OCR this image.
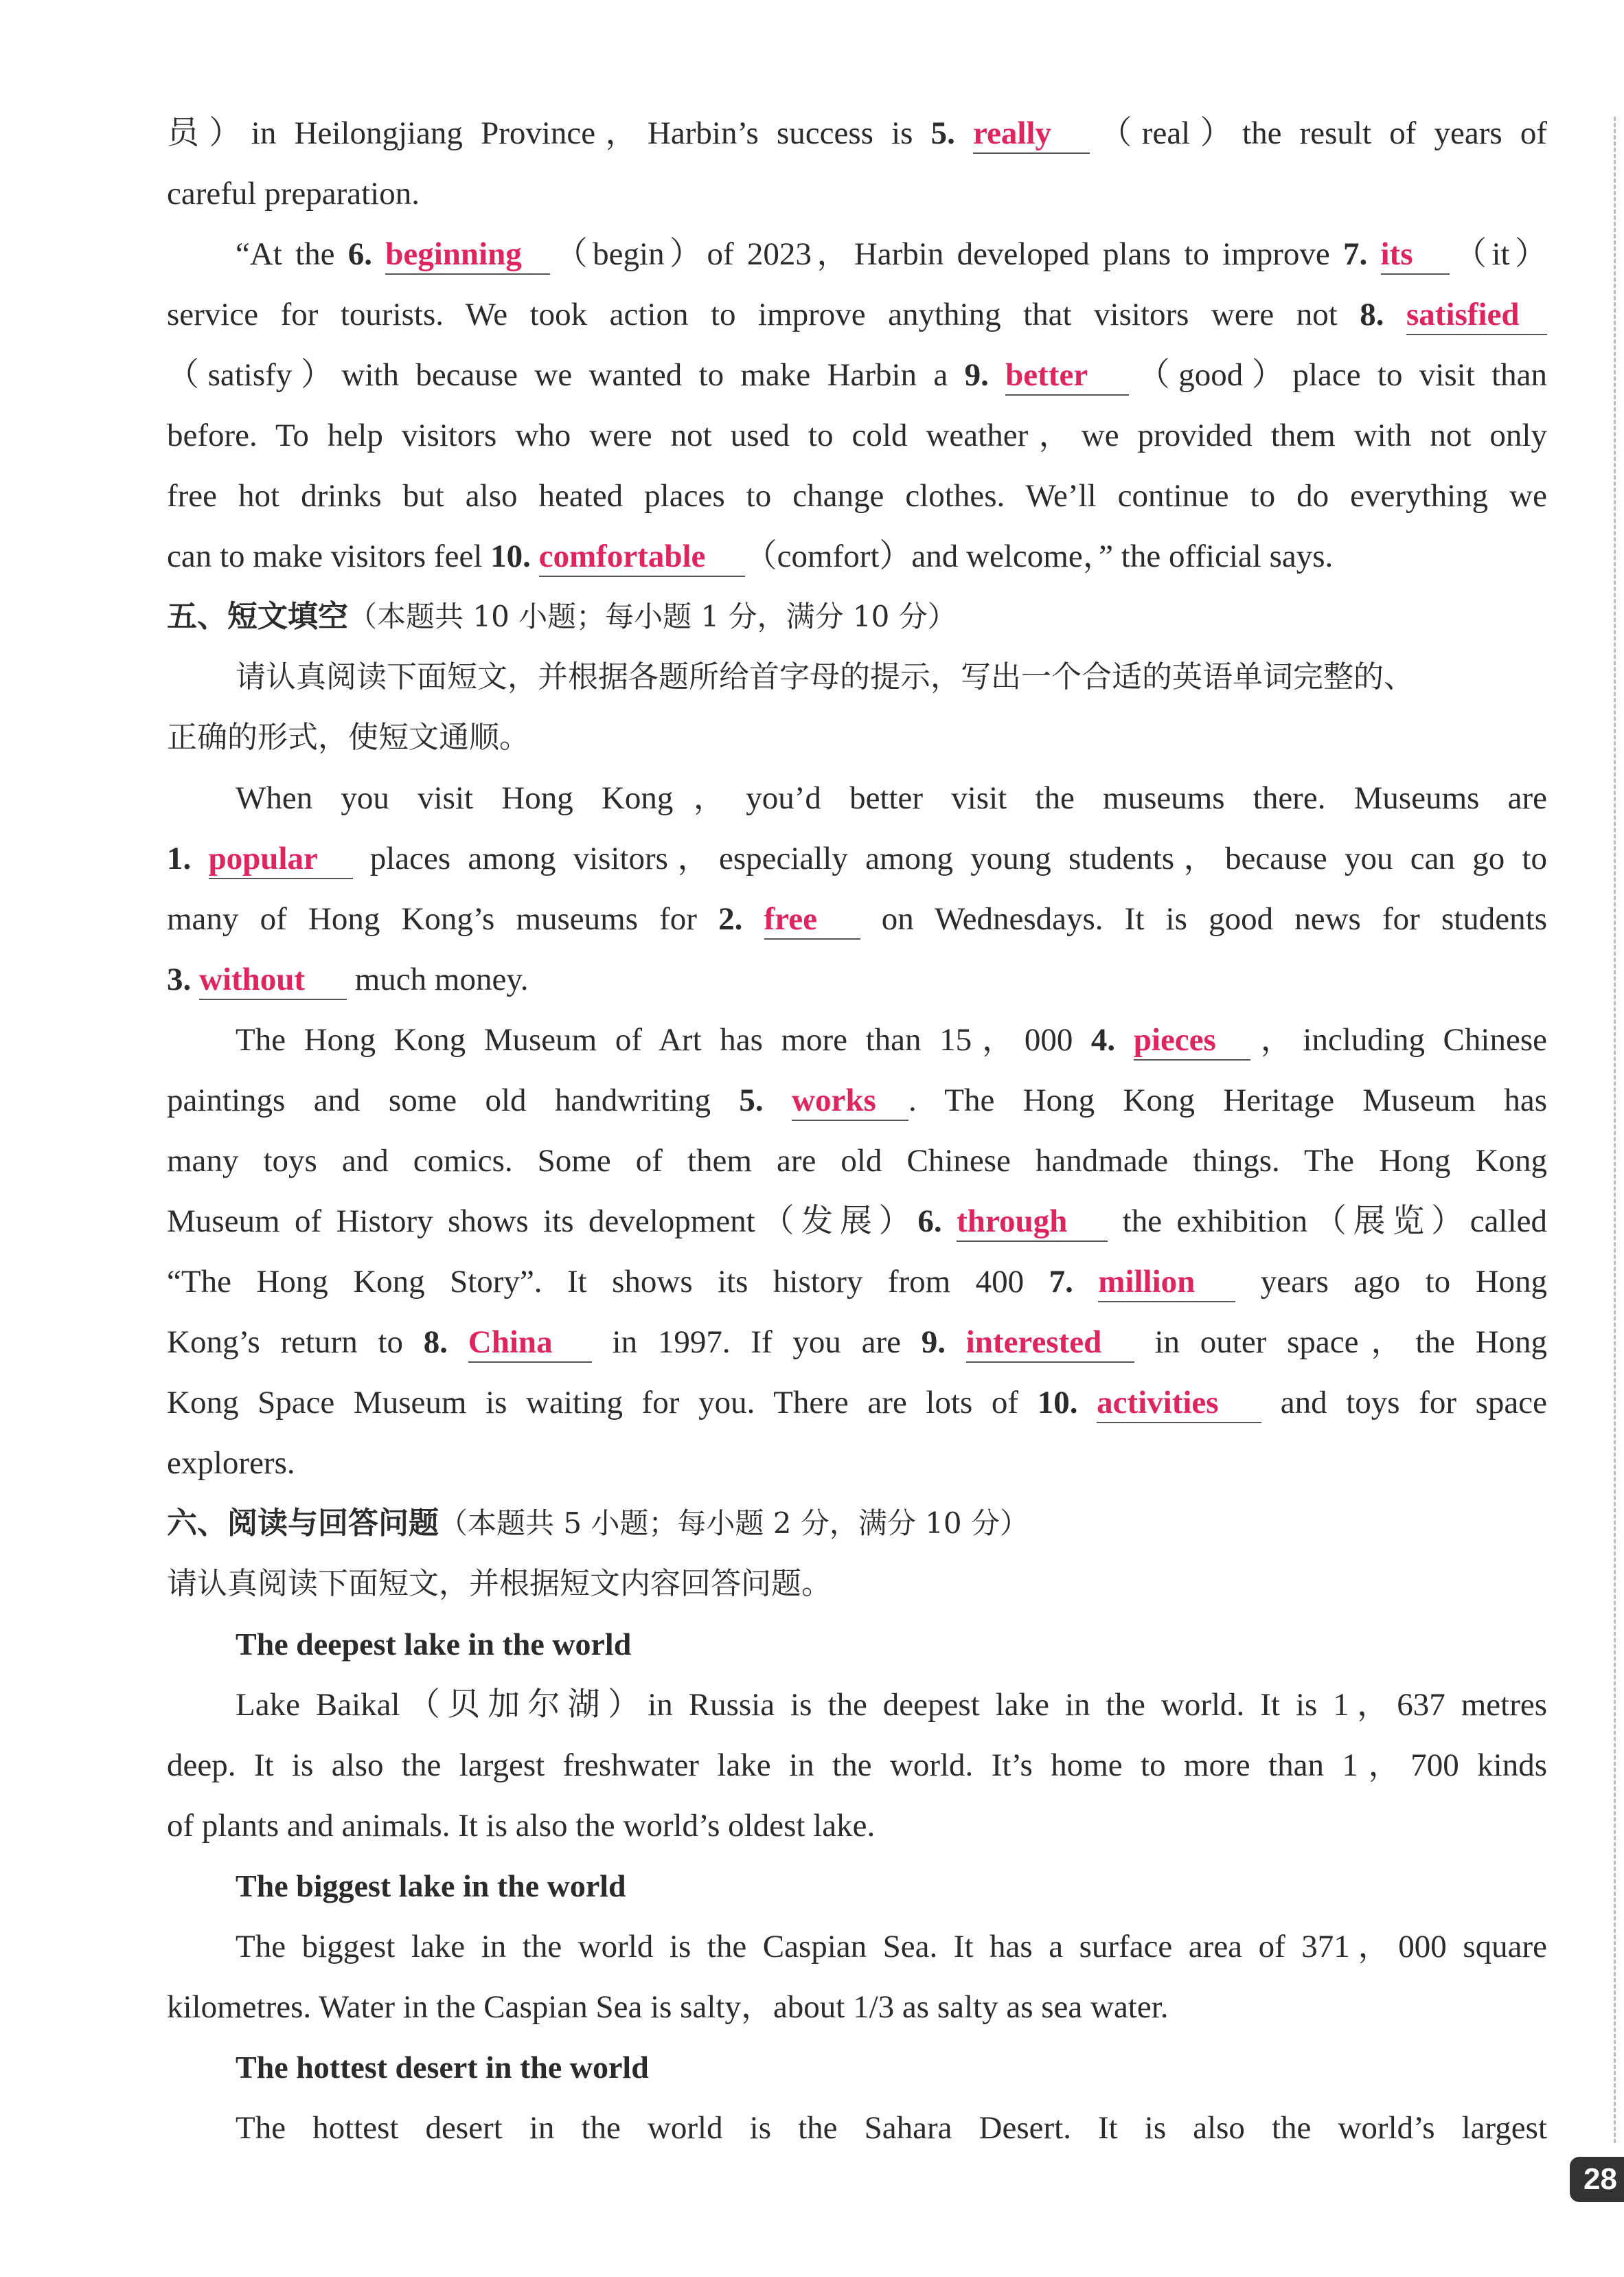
员）in Heilongjiang Province，Harbin’s success is 5. really （real）the result of years of
careful preparation.
“At the 6. beginning （begin）of 2023，Harbin developed plans to improve 7. its （it）
service for tourists. We took action to improve anything that visitors were not 8. satisfied
（satisfy）with because we wanted to make Harbin a 9. better （good）place to visit than
before. To help visitors who were not used to cold weather，we provided them with not only
free hot drinks but also heated places to change clothes. We’ll continue to do everything we
can to make visitors feel 10. comfortable （comfort）and welcome，” the official says.
五、短文填空（本题共 10 小题；每小题 1 分，满分 10 分）
请认真阅读下面短文，并根据各题所给首字母的提示，写出一个合适的英语单词完整的、
正确的形式，使短文通顺。
When you visit Hong Kong，you’d better visit the museums there. Museums are
1. popular places among visitors，especially among young students，because you can go to
many of Hong Kong’s museums for 2. free on Wednesdays. It is good news for students
3. without much money.
The Hong Kong Museum of Art has more than 15，000 4. pieces ，including Chinese
paintings and some old handwriting 5. works . The Hong Kong Heritage Museum has
many toys and comics. Some of them are old Chinese handmade things. The Hong Kong
Museum of History shows its development（发展）6. through the exhibition（展览）called
“The Hong Kong Story”. It shows its history from 400 7. million years ago to Hong
Kong’s return to 8. China in 1997. If you are 9. interested in outer space，the Hong
Kong Space Museum is waiting for you. There are lots of 10. activities and toys for space
explorers.
六、阅读与回答问题（本题共 5 小题；每小题 2 分，满分 10 分）
请认真阅读下面短文，并根据短文内容回答问题。
The deepest lake in the world
Lake Baikal（贝加尔湖）in Russia is the deepest lake in the world. It is 1，637 metres
deep. It is also the largest freshwater lake in the world. It’s home to more than 1，700 kinds
of plants and animals. It is also the world’s oldest lake.
The biggest lake in the world
The biggest lake in the world is the Caspian Sea. It has a surface area of 371，000 square
kilometres. Water in the Caspian Sea is salty，about 1/3 as salty as sea water.
The hottest desert in the world
The hottest desert in the world is the Sahara Desert. It is also the world’s largest
28
